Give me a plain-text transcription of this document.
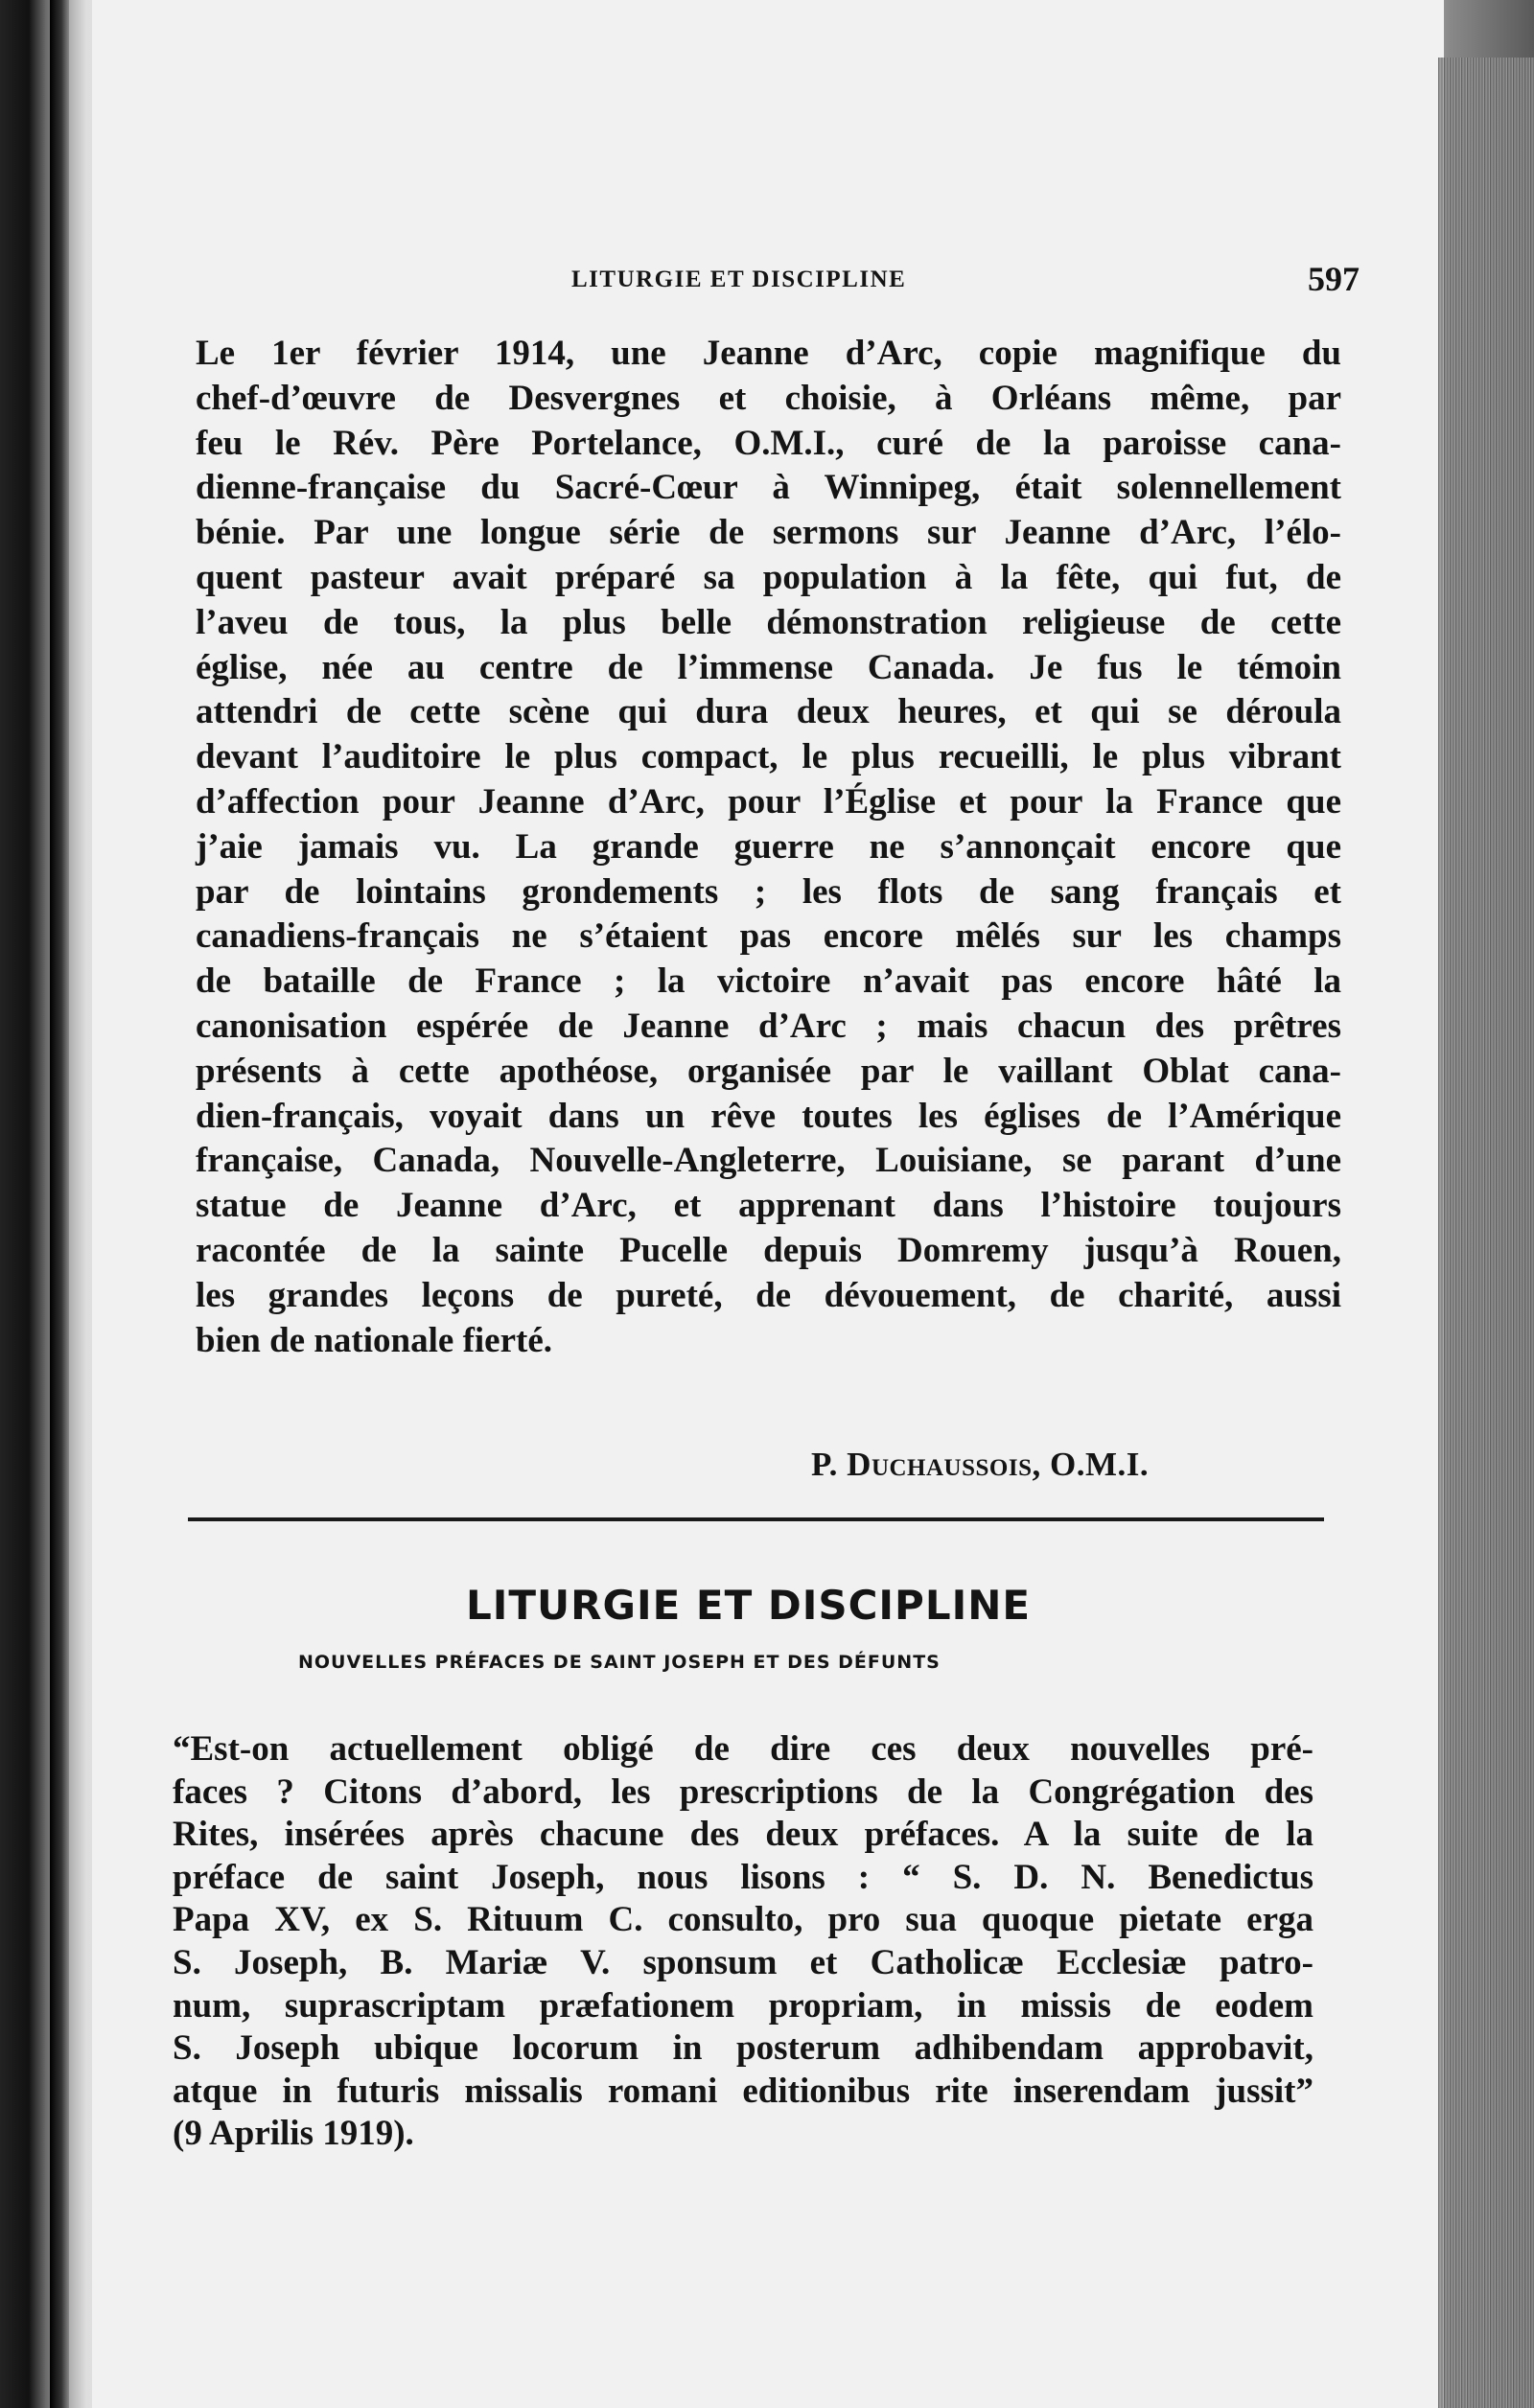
LITURGIE ET DISCIPLINE	597
Le 1er février 1914, une Jeanne d’Arc, copie magnifique du
chef-d’œuvre de Desvergnes et choisie, à Orléans même, par
feu le Rév. Père Portelance, O.M.I., curé de la paroisse cana-
dienne-française du Sacré-Cœur à Winnipeg, était solennellement
bénie. Par une longue série de sermons sur Jeanne d’Arc, l’élo-
quent pasteur avait préparé sa population à la fête, qui fut, de
l’aveu de tous, la plus belle démonstration religieuse de cette
église, née au centre de l’immense Canada. Je fus le témoin
attendri de cette scène qui dura deux heures, et qui se déroula
devant l’auditoire le plus compact, le plus recueilli, le plus vibrant
d’affection pour Jeanne d’Arc, pour l’Église et pour la France que
j’aie jamais vu. La grande guerre ne s’annonçait encore que
par de lointains grondements ; les flots de sang français et
canadiens-français ne s’étaient pas encore mêlés sur les champs
de bataille de France ; la victoire n’avait pas encore hâté la
canonisation espérée de Jeanne d’Arc ; mais chacun des prêtres
présents à cette apothéose, organisée par le vaillant Oblat cana-
dien-français, voyait dans un rêve toutes les églises de l’Amérique
française, Canada, Nouvelle-Angleterre, Louisiane, se parant d’une
statue de Jeanne d’Arc, et apprenant dans l’histoire toujours
racontée de la sainte Pucelle depuis Domremy jusqu’à Rouen,
les grandes leçons de pureté, de dévouement, de charité, aussi
bien de nationale fierté.
P. Duchaussois, O.M.I.
LITURGIE ET DISCIPLINE
NOUVELLES PRÉFACES DE SAINT JOSEPH ET DES DÉFUNTS
“Est-on actuellement obligé de dire ces deux nouvelles pré-
faces ? Citons d’abord, les prescriptions de la Congrégation des
Rites, insérées après chacune des deux préfaces. A la suite de la
préface de saint Joseph, nous lisons : “ S. D. N. Benedictus
Papa XV, ex S. Rituum C. consulto, pro sua quoque pietate erga
S. Joseph, B. Mariæ V. sponsum et Catholicæ Ecclesiæ patro-
num, suprascriptam præfationem propriam, in missis de eodem
S. Joseph ubique locorum in posterum adhibendam approbavit,
atque in futuris missalis romani editionibus rite inserendam jussit”
(9 Aprilis 1919).
